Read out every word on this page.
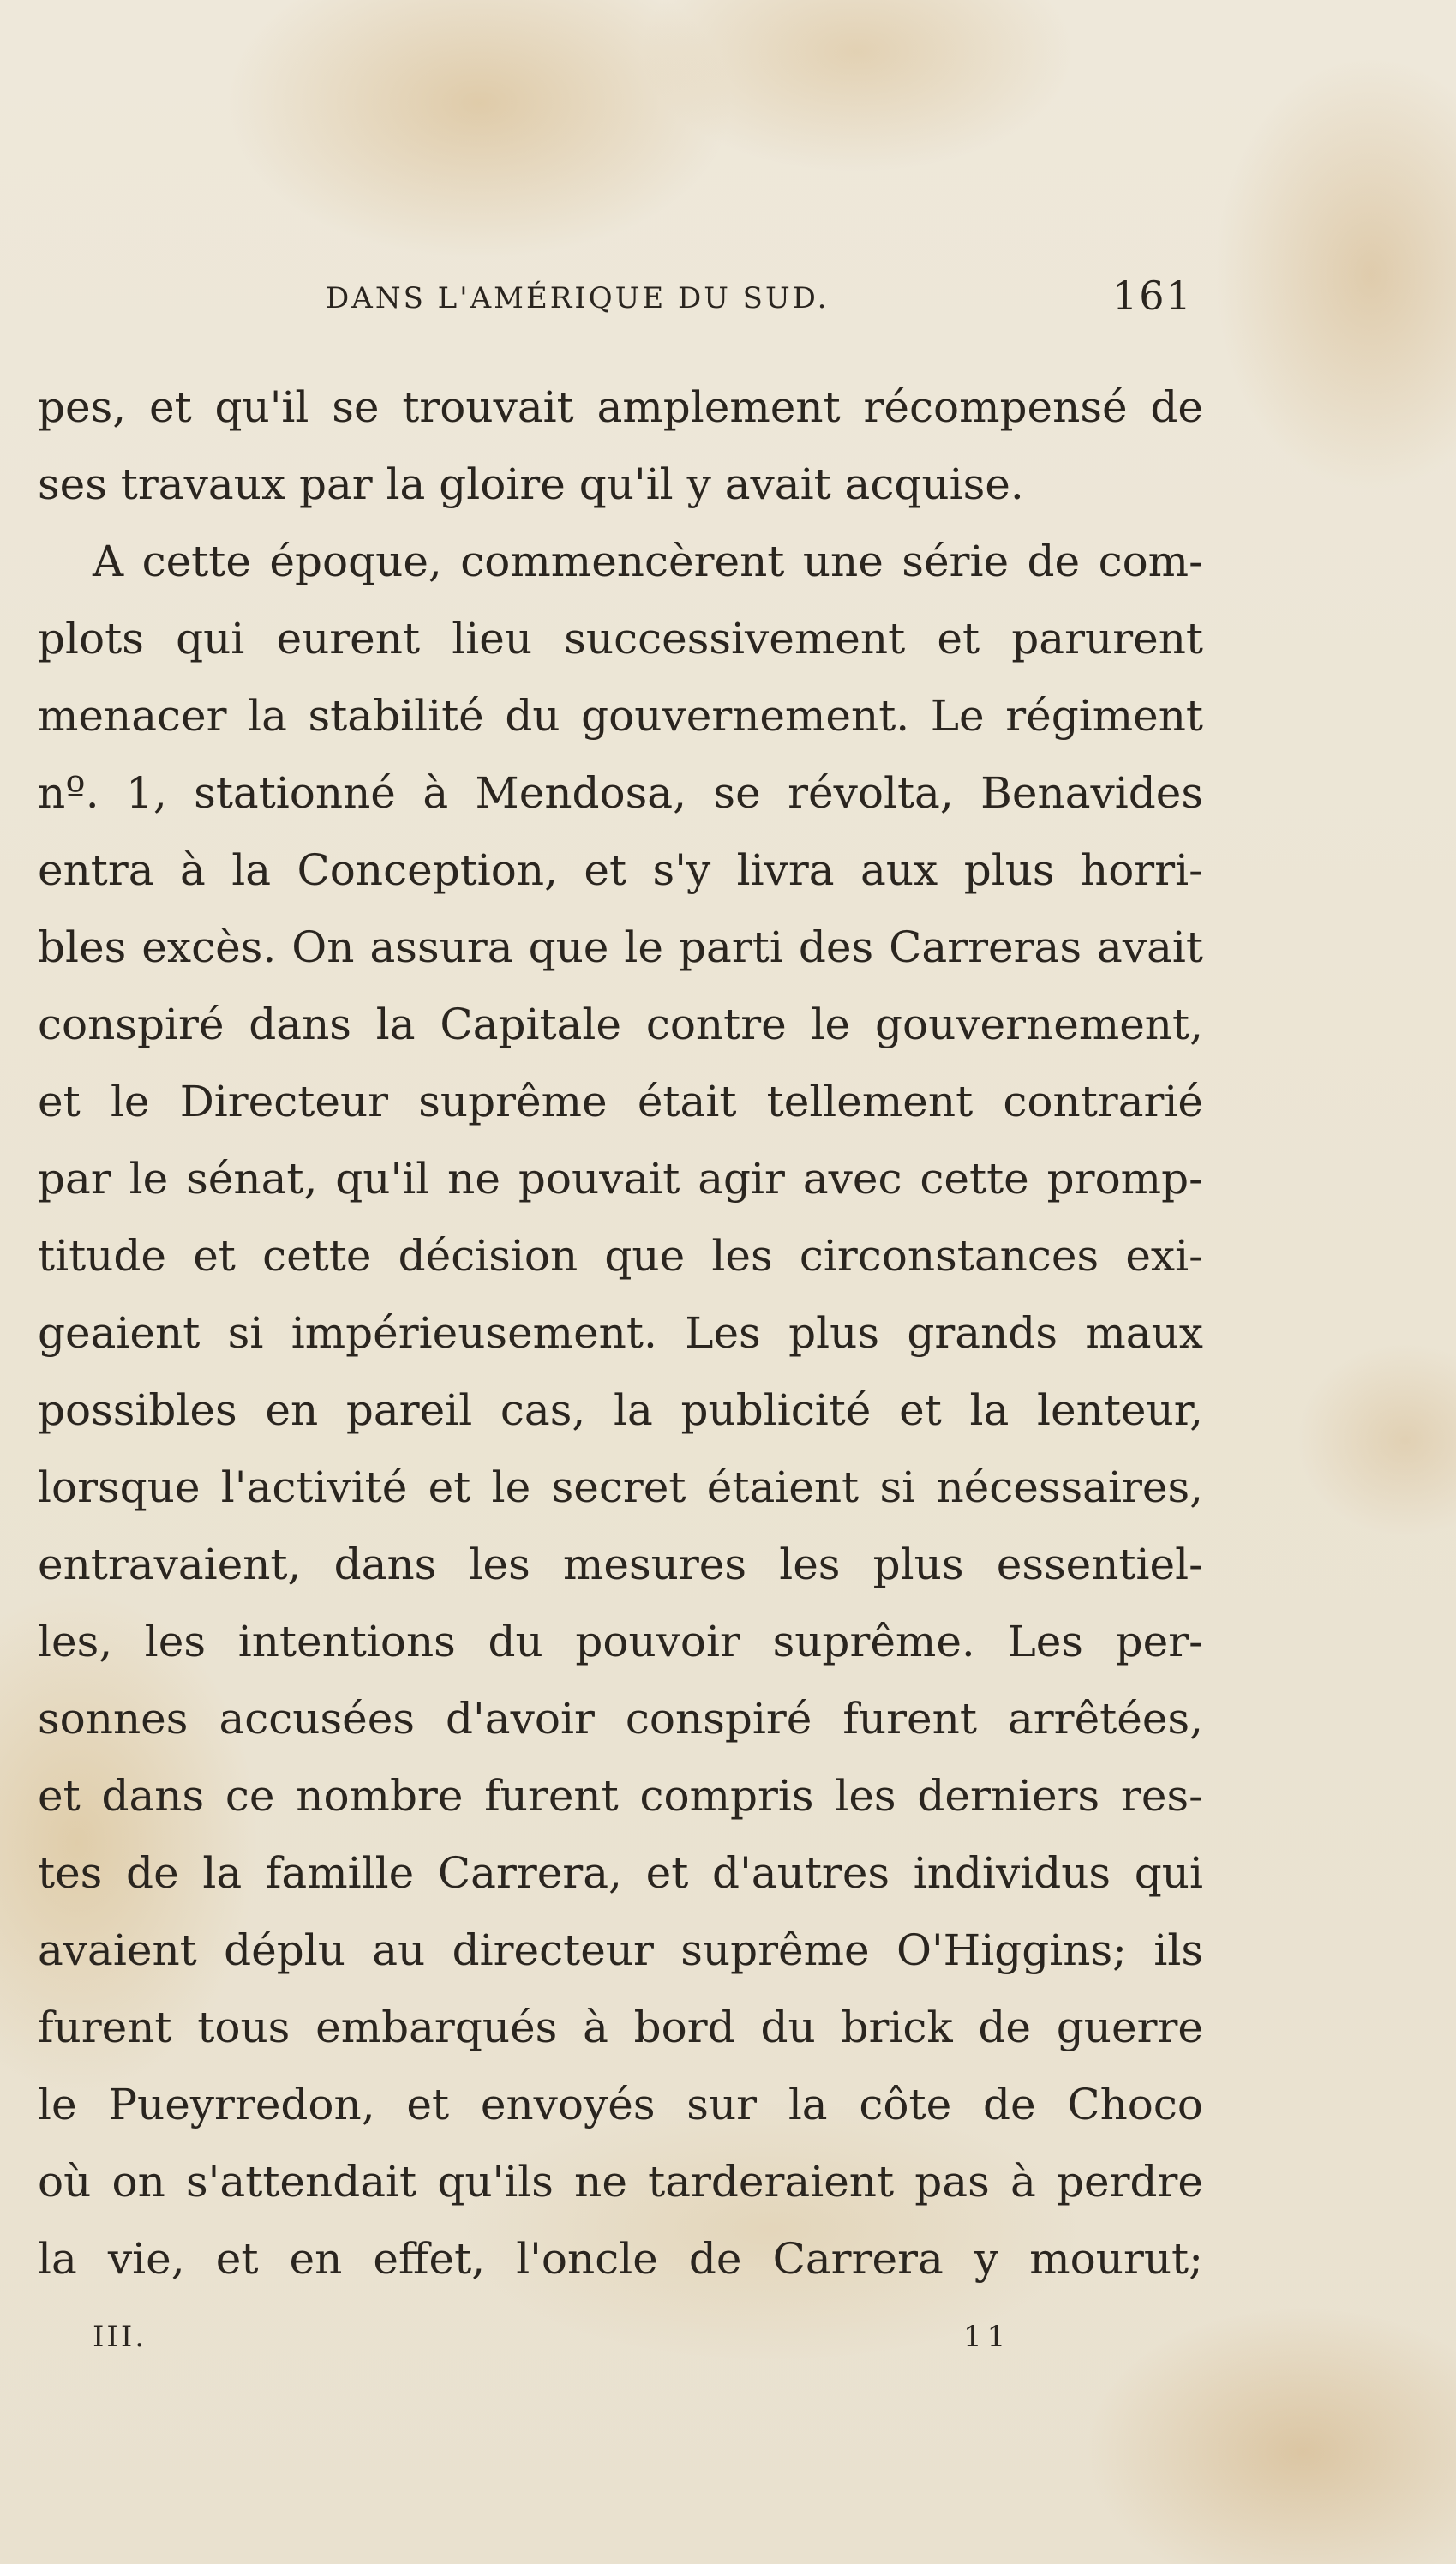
DANS L'AMÉRIQUE DU SUD.	161
pes, et qu'il se trouvait amplement récompensé de
ses travaux par la gloire qu'il y avait acquise.
A cette époque, commencèrent une série de com-
plots qui eurent lieu successivement et parurent
menacer la stabilité du gouvernement. Le régiment
nº. 1, stationné à Mendosa, se révolta, Benavides
entra à la Conception, et s'y livra aux plus horri-
bles excès. On assura que le parti des Carreras avait
conspiré dans la Capitale contre le gouvernement,
et le Directeur suprême était tellement contrarié
par le sénat, qu'il ne pouvait agir avec cette promp-
titude et cette décision que les circonstances exi-
geaient si impérieusement. Les plus grands maux
possibles en pareil cas, la publicité et la lenteur,
lorsque l'activité et le secret étaient si nécessaires,
entravaient, dans les mesures les plus essentiel-
les, les intentions du pouvoir suprême. Les per-
sonnes accusées d'avoir conspiré furent arrêtées,
et dans ce nombre furent compris les derniers res-
tes de la famille Carrera, et d'autres individus qui
avaient déplu au directeur suprême O'Higgins; ils
furent tous embarqués à bord du brick de guerre
le Pueyrredon, et envoyés sur la côte de Choco
où on s'attendait qu'ils ne tarderaient pas à perdre
la vie, et en effet, l'oncle de Carrera y mourut;
III.	11
